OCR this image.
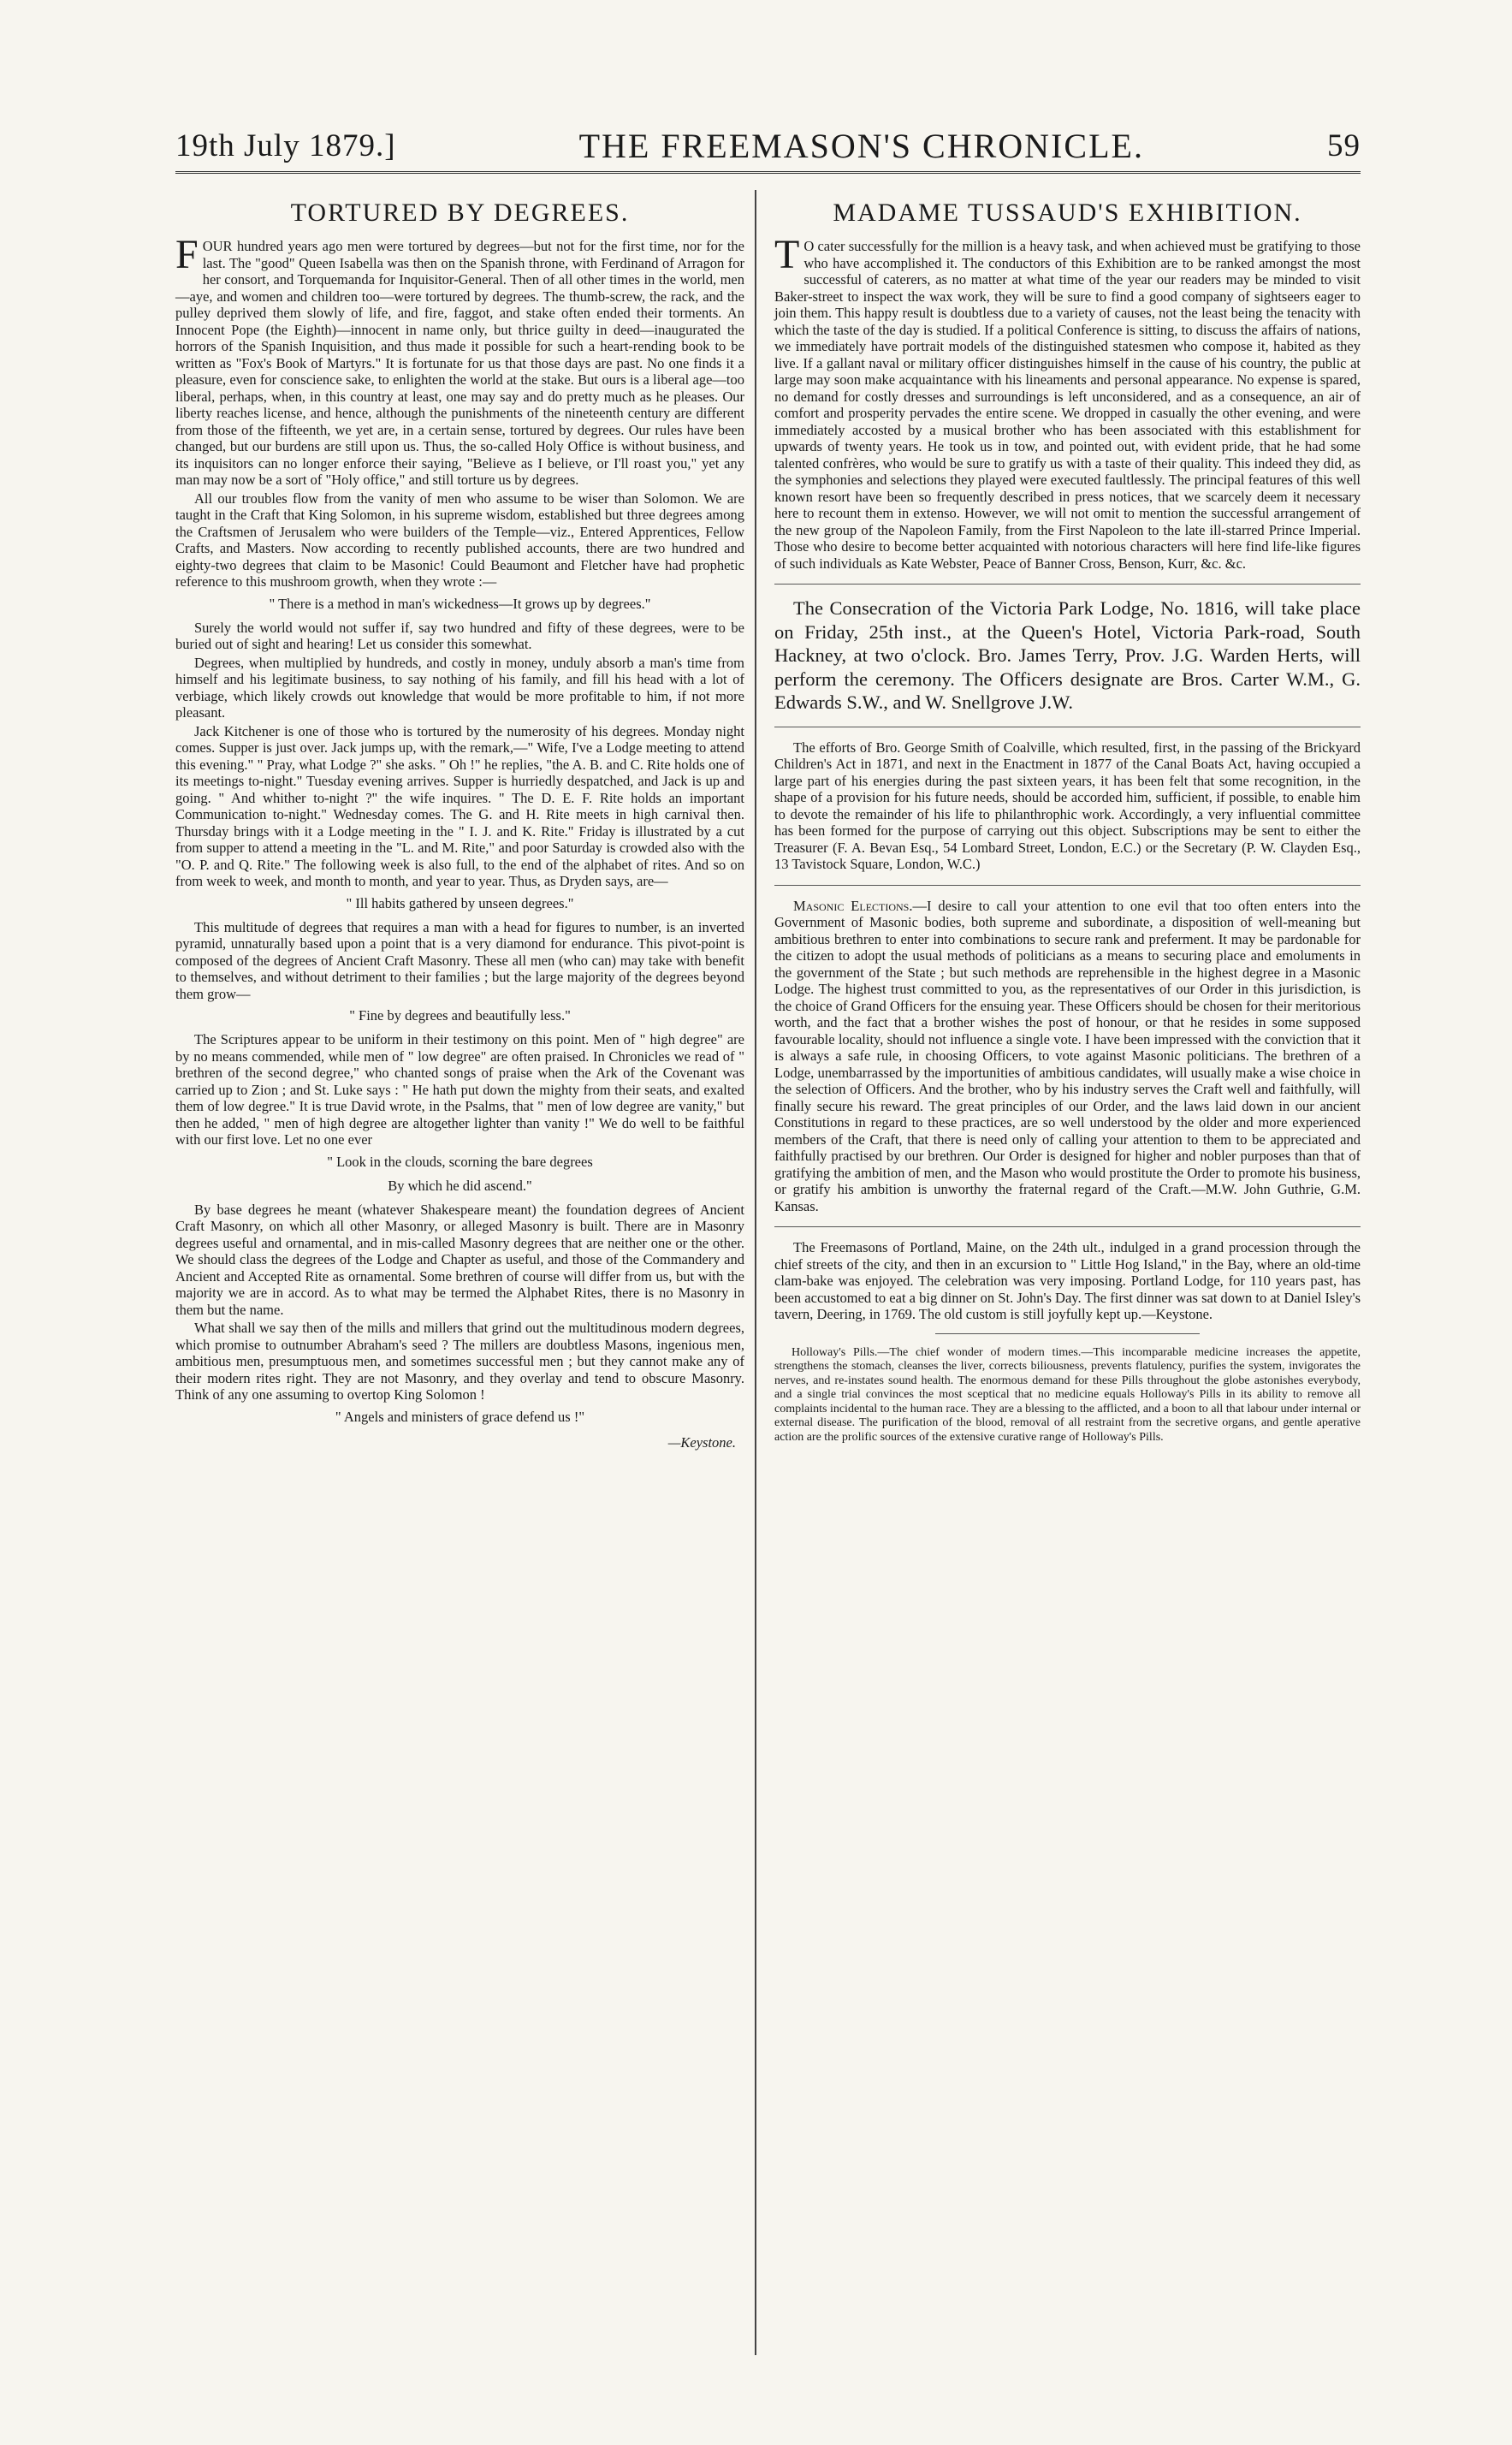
19th July 1879.]	THE FREEMASON'S CHRONICLE.	59
TORTURED BY DEGREES.

FOUR hundred years ago men were tortured by degrees—but not for the first time, nor for the last. The "good" Queen Isabella was then on the Spanish throne, with Ferdinand of Arragon for her consort, and Torquemanda for Inquisitor-General. Then of all other times in the world, men—aye, and women and children too—were tortured by degrees. The thumb-screw, the rack, and the pulley deprived them slowly of life, and fire, faggot, and stake often ended their torments. An Innocent Pope (the Eighth)—innocent in name only, but thrice guilty in deed—inaugurated the horrors of the Spanish Inquisition, and thus made it possible for such a heart-rending book to be written as "Fox's Book of Martyrs." It is fortunate for us that those days are past. No one finds it a pleasure, even for conscience sake, to enlighten the world at the stake. But ours is a liberal age—too liberal, perhaps, when, in this country at least, one may say and do pretty much as he pleases. Our liberty reaches license, and hence, although the punishments of the nineteenth century are different from those of the fifteenth, we yet are, in a certain sense, tortured by degrees. Our rules have been changed, but our burdens are still upon us. Thus, the so-called Holy Office is without business, and its inquisitors can no longer enforce their saying, "Believe as I believe, or I'll roast you," yet any man may now be a sort of "Holy office," and still torture us by degrees.

All our troubles flow from the vanity of men who assume to be wiser than Solomon. We are taught in the Craft that King Solomon, in his supreme wisdom, established but three degrees among the Craftsmen of Jerusalem who were builders of the Temple—viz., Entered Apprentices, Fellow Crafts, and Masters. Now according to recently published accounts, there are two hundred and eighty-two degrees that claim to be Masonic! Could Beaumont and Fletcher have had prophetic reference to this mushroom growth, when they wrote :—

" There is a method in man's wickedness—It grows up by degrees."

Surely the world would not suffer if, say two hundred and fifty of these degrees, were to be buried out of sight and hearing! Let us consider this somewhat.

Degrees, when multiplied by hundreds, and costly in money, unduly absorb a man's time from himself and his legitimate business, to say nothing of his family, and fill his head with a lot of verbiage, which likely crowds out knowledge that would be more profitable to him, if not more pleasant.

Jack Kitchener is one of those who is tortured by the numerosity of his degrees. Monday night comes. Supper is just over. Jack jumps up, with the remark,—" Wife, I've a Lodge meeting to attend this evening." " Pray, what Lodge ?" she asks. " Oh !" he replies, "the A. B. and C. Rite holds one of its meetings to-night." Tuesday evening arrives. Supper is hurriedly despatched, and Jack is up and going. " And whither to-night ?" the wife inquires. " The D. E. F. Rite holds an important Communication to-night." Wednesday comes. The G. and H. Rite meets in high carnival then. Thursday brings with it a Lodge meeting in the " I. J. and K. Rite." Friday is illustrated by a cut from supper to attend a meeting in the "L. and M. Rite," and poor Saturday is crowded also with the "O. P. and Q. Rite." The following week is also full, to the end of the alphabet of rites. And so on from week to week, and month to month, and year to year. Thus, as Dryden says, are—

" Ill habits gathered by unseen degrees."

This multitude of degrees that requires a man with a head for figures to number, is an inverted pyramid, unnaturally based upon a point that is a very diamond for endurance. This pivot-point is composed of the degrees of Ancient Craft Masonry. These all men (who can) may take with benefit to themselves, and without detriment to their families ; but the large majority of the degrees beyond them grow—

" Fine by degrees and beautifully less."

The Scriptures appear to be uniform in their testimony on this point. Men of " high degree" are by no means commended, while men of " low degree" are often praised. In Chronicles we read of " brethren of the second degree," who chanted songs of praise when the Ark of the Covenant was carried up to Zion ; and St. Luke says : " He hath put down the mighty from their seats, and exalted them of low degree." It is true David wrote, in the Psalms, that " men of low degree are vanity," but then he added, " men of high degree are altogether lighter than vanity !" We do well to be faithful with our first love. Let no one ever

" Look in the clouds, scorning the bare degrees
By which he did ascend."

By base degrees he meant (whatever Shakespeare meant) the foundation degrees of Ancient Craft Masonry, on which all other Masonry, or alleged Masonry is built. There are in Masonry degrees useful and ornamental, and in mis-called Masonry degrees that are neither one or the other. We should class the degrees of the Lodge and Chapter as useful, and those of the Commandery and Ancient and Accepted Rite as ornamental. Some brethren of course will differ from us, but with the majority we are in accord. As to what may be termed the Alphabet Rites, there is no Masonry in them but the name.

What shall we say then of the mills and millers that grind out the multitudinous modern degrees, which promise to outnumber Abraham's seed ? The millers are doubtless Masons, ingenious men, ambitious men, presumptuous men, and sometimes successful men ; but they cannot make any of their modern rites right. They are not Masonry, and they overlay and tend to obscure Masonry. Think of any one assuming to overtop King Solomon !

" Angels and ministers of grace defend us !"
—Keystone.
MADAME TUSSAUD'S EXHIBITION.

TO cater successfully for the million is a heavy task, and when achieved must be gratifying to those who have accomplished it. The conductors of this Exhibition are to be ranked amongst the most successful of caterers, as no matter at what time of the year our readers may be minded to visit Baker-street to inspect the wax work, they will be sure to find a good company of sightseers eager to join them. This happy result is doubtless due to a variety of causes, not the least being the tenacity with which the taste of the day is studied. If a political Conference is sitting, to discuss the affairs of nations, we immediately have portrait models of the distinguished statesmen who compose it, habited as they live. If a gallant naval or military officer distinguishes himself in the cause of his country, the public at large may soon make acquaintance with his lineaments and personal appearance. No expense is spared, no demand for costly dresses and surroundings is left unconsidered, and as a consequence, an air of comfort and prosperity pervades the entire scene. We dropped in casually the other evening, and were immediately accosted by a musical brother who has been associated with this establishment for upwards of twenty years. He took us in tow, and pointed out, with evident pride, that he had some talented confrères, who would be sure to gratify us with a taste of their quality. This indeed they did, as the symphonies and selections they played were executed faultlessly. The principal features of this well known resort have been so frequently described in press notices, that we scarcely deem it necessary here to recount them in extenso. However, we will not omit to mention the successful arrangement of the new group of the Napoleon Family, from the First Napoleon to the late ill-starred Prince Imperial. Those who desire to become better acquainted with notorious characters will here find life-like figures of such individuals as Kate Webster, Peace of Banner Cross, Benson, Kurr, &c. &c.

The Consecration of the Victoria Park Lodge, No. 1816, will take place on Friday, 25th inst., at the Queen's Hotel, Victoria Park-road, South Hackney, at two o'clock. Bro. James Terry, Prov. J.G. Warden Herts, will perform the ceremony. The Officers designate are Bros. Carter W.M., G. Edwards S.W., and W. Snellgrove J.W.

The efforts of Bro. George Smith of Coalville, which resulted, first, in the passing of the Brickyard Children's Act in 1871, and next in the Enactment in 1877 of the Canal Boats Act, having occupied a large part of his energies during the past sixteen years, it has been felt that some recognition, in the shape of a provision for his future needs, should be accorded him, sufficient, if possible, to enable him to devote the remainder of his life to philanthrophic work. Accordingly, a very influential committee has been formed for the purpose of carrying out this object. Subscriptions may be sent to either the Treasurer (F. A. Bevan Esq., 54 Lombard Street, London, E.C.) or the Secretary (P. W. Clayden Esq., 13 Tavistock Square, London, W.C.)

Masonic Elections.—I desire to call your attention to one evil that too often enters into the Government of Masonic bodies, both supreme and subordinate, a disposition of well-meaning but ambitious brethren to enter into combinations to secure rank and preferment. It may be pardonable for the citizen to adopt the usual methods of politicians as a means to securing place and emoluments in the government of the State ; but such methods are reprehensible in the highest degree in a Masonic Lodge. The highest trust committed to you, as the representatives of our Order in this jurisdiction, is the choice of Grand Officers for the ensuing year. These Officers should be chosen for their meritorious worth, and the fact that a brother wishes the post of honour, or that he resides in some supposed favourable locality, should not influence a single vote. I have been impressed with the conviction that it is always a safe rule, in choosing Officers, to vote against Masonic politicians. The brethren of a Lodge, unembarrassed by the importunities of ambitious candidates, will usually make a wise choice in the selection of Officers. And the brother, who by his industry serves the Craft well and faithfully, will finally secure his reward. The great principles of our Order, and the laws laid down in our ancient Constitutions in regard to these practices, are so well understood by the older and more experienced members of the Craft, that there is need only of calling your attention to them to be appreciated and faithfully practised by our brethren. Our Order is designed for higher and nobler purposes than that of gratifying the ambition of men, and the Mason who would prostitute the Order to promote his business, or gratify his ambition is unworthy the fraternal regard of the Craft.—M.W. John Guthrie, G.M. Kansas.

The Freemasons of Portland, Maine, on the 24th ult., indulged in a grand procession through the chief streets of the city, and then in an excursion to " Little Hog Island," in the Bay, where an old-time clam-bake was enjoyed. The celebration was very imposing. Portland Lodge, for 110 years past, has been accustomed to eat a big dinner on St. John's Day. The first dinner was sat down to at Daniel Isley's tavern, Deering, in 1769. The old custom is still joyfully kept up.—Keystone.

Holloway's Pills.—The chief wonder of modern times.—This incomparable medicine increases the appetite, strengthens the stomach, cleanses the liver, corrects biliousness, prevents flatulency, purifies the system, invigorates the nerves, and re-instates sound health. The enormous demand for these Pills throughout the globe astonishes everybody, and a single trial convinces the most sceptical that no medicine equals Holloway's Pills in its ability to remove all complaints incidental to the human race. They are a blessing to the afflicted, and a boon to all that labour under internal or external disease. The purification of the blood, removal of all restraint from the secretive organs, and gentle aperative action are the prolific sources of the extensive curative range of Holloway's Pills.
